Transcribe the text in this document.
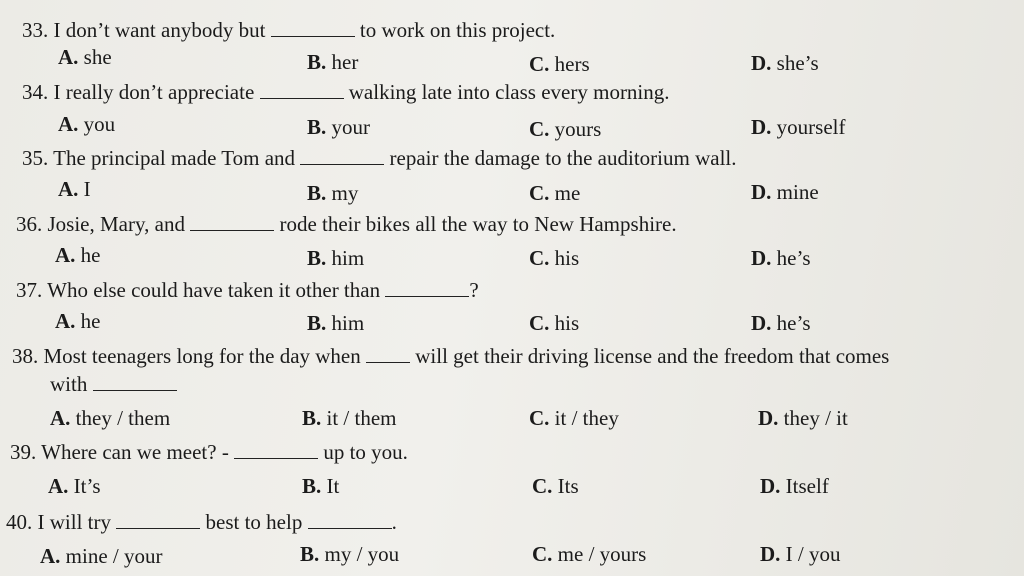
33. I don’t want anybody but	to work on this project.
A. she	B. her	C. hers	D. she’s
34. I really don’t appreciate	walking late into class every morning.
A. you	B. your	C. yours	D. yourself
35. The principal made Tom and	repair the damage to the auditorium wall.
A. I	B. my	C. me	D. mine
36. Josie, Mary, and	rode their bikes all the way to New Hampshire.
A. he	B. him	C. his	D. he’s
37. Who else could have taken it other than	?
A. he	B. him	C. his	D. he’s
38. Most teenagers long for the day when	will get their driving license and the freedom that comes
with
A. they / them	B. it / them	C. it / they	D. they / it
39. Where can we meet? -	up to you.
A. It’s	B. It	C. Its	D. Itself
40. I will try	best to help	.
A. mine / your	B. my / you	C. me / yours	D. I / you
